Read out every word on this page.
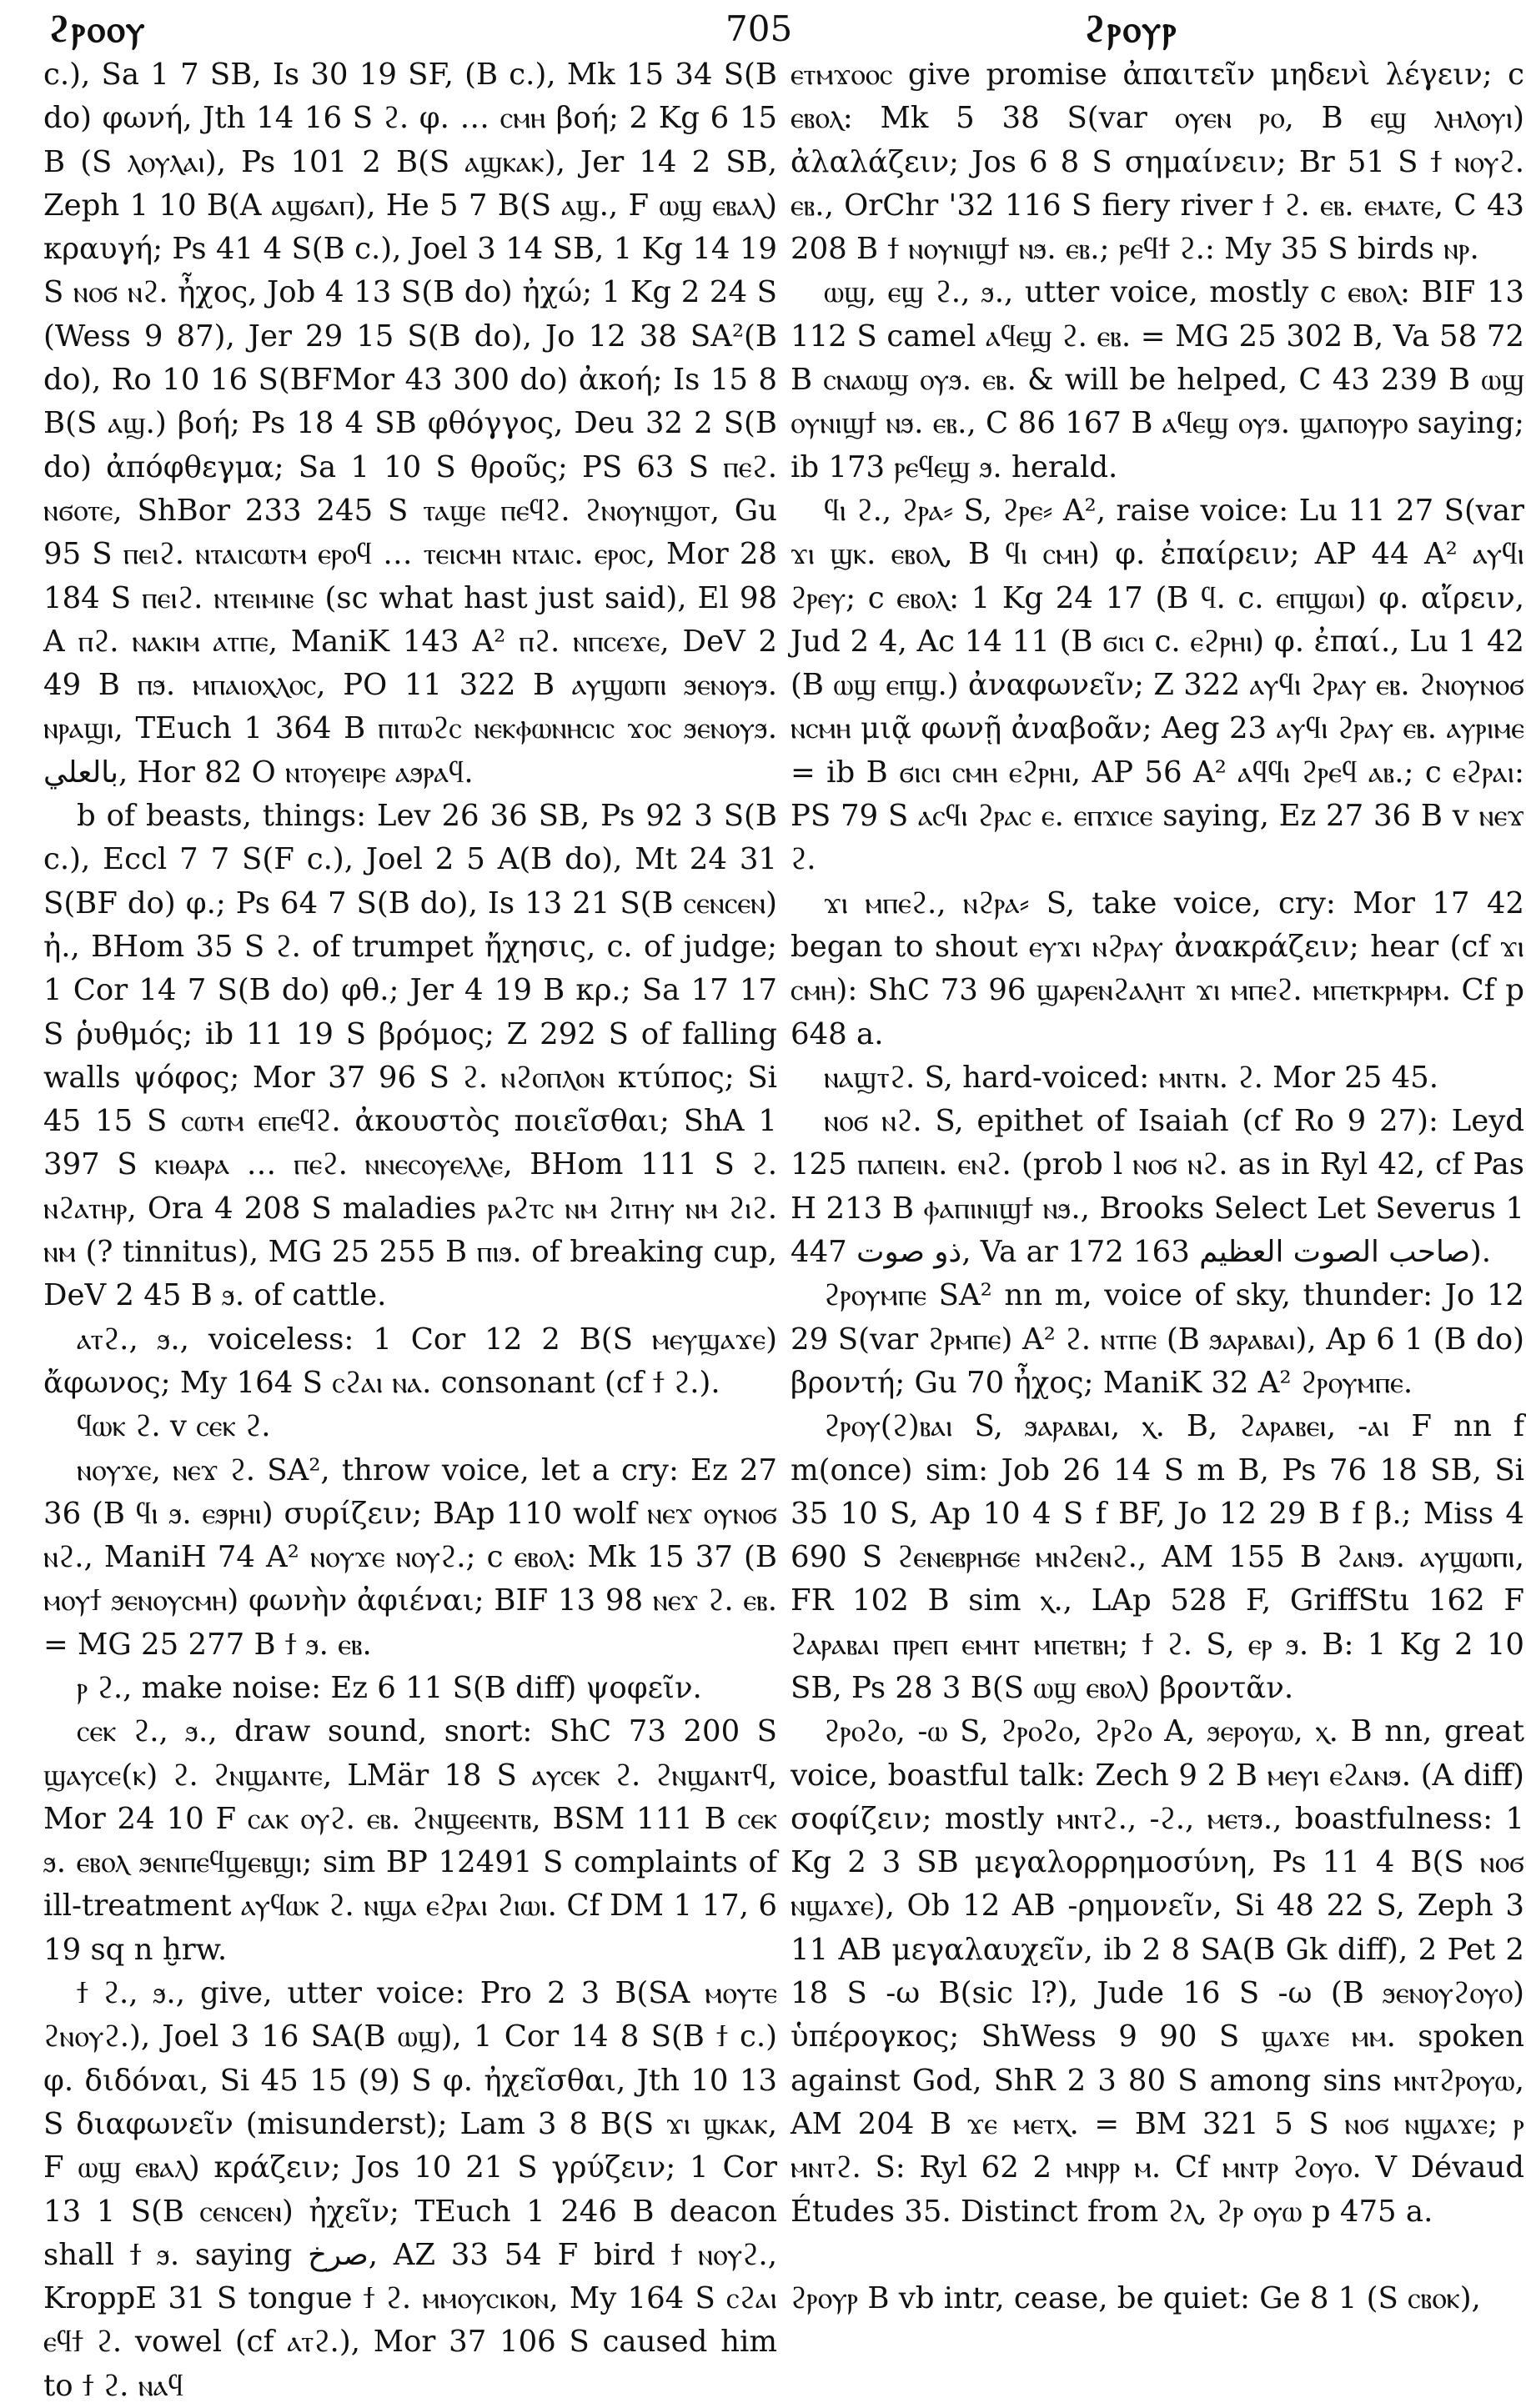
ϩⲣⲟⲟⲩ	705	ϩⲣⲟⲩⲣ

c.), Sa 1 7 SB, Is 30 19 SF, (B c.), Mk 15 34 S(B do) φωνή, Jth 14 16 S ϩ. φ. … ⲥⲙⲏ βοή; 2 Kg 6 15 B (S ⲗⲟⲩⲗⲁⲓ), Ps 101 2 B(S ⲁϣⲕⲁⲕ), Jer 14 2 SB, Zeph 1 10 B(A ⲁϣϭⲁⲡ), He 5 7 B(S ⲁϣ., F ⲱϣ ⲉⲃⲁⲗ) κραυγή; Ps 41 4 S(B c.), Joel 3 14 SB, 1 Kg 14 19 S ⲛⲟϭ ⲛϩ. ἦχος, Job 4 13 S(B do) ἠχώ; 1 Kg 2 24 S (Wess 9 87), Jer 29 15 S(B do), Jo 12 38 SA²(B do), Ro 10 16 S(BFMor 43 300 do) ἀκοή; Is 15 8 B(S ⲁϣ.) βοή; Ps 18 4 SB φθόγγος, Deu 32 2 S(B do) ἀπόφθεγμα; Sa 1 10 S θροῦς; PS 63 S ⲡⲉϩ. ⲛϭⲟⲧⲉ, ShBor 233 245 S ⲧⲁϣⲉ ⲡⲉϥϩ. ϩⲛⲟⲩⲛϣⲟⲧ, Gu 95 S ⲡⲉⲓϩ. ⲛⲧⲁⲓⲥⲱⲧⲙ ⲉⲣⲟϥ … ⲧⲉⲓⲥⲙⲏ ⲛⲧⲁⲓⲥ. ⲉⲣⲟⲥ, Mor 28 184 S ⲡⲉⲓϩ. ⲛⲧⲉⲓⲙⲓⲛⲉ (sc what hast just said), El 98 A ⲡϩ. ⲛⲁⲕⲓⲙ ⲁⲧⲡⲉ, ManiK 143 A² ⲡϩ. ⲛⲡⲥⲉϫⲉ, DeV 2 49 B ⲡϧ. ⲙⲡⲁⲓⲟⲭⲗⲟⲥ, PO 11 322 B ⲁⲩϣⲱⲡⲓ ϧⲉⲛⲟⲩϧ. ⲛⲣⲁϣⲓ, TEuch 1 364 B ⲡⲓⲧⲱϩⲥ ⲛⲉⲕⲫⲱⲛⲏⲥⲓⲥ ϫⲟⲥ ϧⲉⲛⲟⲩϧ. بالعلي, Hor 82 O ⲛⲧⲟⲩⲉⲓⲣⲉ ⲁϧⲣⲁϥ.

b of beasts, things: Lev 26 36 SB, Ps 92 3 S(B c.), Eccl 7 7 S(F c.), Joel 2 5 A(B do), Mt 24 31 S(BF do) φ.; Ps 64 7 S(B do), Is 13 21 S(B ⲥⲉⲛⲥⲉⲛ) ἠ., BHom 35 S ϩ. of trumpet ἤχησις, c. of judge; 1 Cor 14 7 S(B do) φθ.; Jer 4 19 B κρ.; Sa 17 17 S ῥυθμός; ib 11 19 S βρόμος; Z 292 S of falling walls ψόφος; Mor 37 96 S ϩ. ⲛϩⲟⲡⲗⲟⲛ κτύπος; Si 45 15 S ⲥⲱⲧⲙ ⲉⲡⲉϥϩ. ἀκουστὸς ποιεῖσθαι; ShA 1 397 S ⲕⲓⲑⲁⲣⲁ … ⲡⲉϩ. ⲛⲛⲉⲥⲟⲩⲉⲗⲗⲉ, BHom 111 S ϩ. ⲛϩⲁⲧⲏⲣ, Ora 4 208 S maladies ⲣⲁϩⲧⲥ ⲛⲙ ϩⲓⲧⲏⲩ ⲛⲙ ϩⲓϩ. ⲛⲙ (? tinnitus), MG 25 255 B ⲡⲓϧ. of breaking cup, DeV 2 45 B ϧ. of cattle.

ⲁⲧϩ., ϧ., voiceless: 1 Cor 12 2 B(S ⲙⲉⲩϣⲁϫⲉ) ἄφωνος; My 164 S ⲥϩⲁⲓ ⲛⲁ. consonant (cf ϯ ϩ.).

ϥⲱⲕ ϩ. v ⲥⲉⲕ ϩ.

ⲛⲟⲩϫⲉ, ⲛⲉϫ ϩ. SA², throw voice, let a cry: Ez 27 36 (B ϥⲓ ϧ. ⲉϧⲣⲏⲓ) συρίζειν; BAp 110 wolf ⲛⲉϫ ⲟⲩⲛⲟϭ ⲛϩ., ManiH 74 A² ⲛⲟⲩϫⲉ ⲛⲟⲩϩ.; c ⲉⲃⲟⲗ: Mk 15 37 (B ⲙⲟⲩϯ ϧⲉⲛⲟⲩⲥⲙⲏ) φωνὴν ἀφιέναι; BIF 13 98 ⲛⲉϫ ϩ. ⲉⲃ. = MG 25 277 B ϯ ϧ. ⲉⲃ.

ⲣ ϩ., make noise: Ez 6 11 S(B diff) ψοφεῖν.

ⲥⲉⲕ ϩ., ϧ., draw sound, snort: ShC 73 200 S ϣⲁⲩⲥⲉ(ⲕ) ϩ. ϩⲛϣⲁⲛⲧⲉ, LMär 18 S ⲁⲩⲥⲉⲕ ϩ. ϩⲛϣⲁⲛⲧϥ, Mor 24 10 F ⲥⲁⲕ ⲟⲩϩ. ⲉⲃ. ϩⲛϣⲉⲉⲛⲧⲃ, BSM 111 B ⲥⲉⲕ ϧ. ⲉⲃⲟⲗ ϧⲉⲛⲡⲉϥϣⲉⲃϣⲓ; sim BP 12491 S complaints of ill-treatment ⲁⲩϥⲱⲕ ϩ. ⲛϣⲁ ⲉϩⲣⲁⲓ ϩⲓⲱⲓ. Cf DM 1 17, 6 19 sq n ḫrw.

ϯ ϩ., ϧ., give, utter voice: Pro 2 3 B(SA ⲙⲟⲩⲧⲉ ϩⲛⲟⲩϩ.), Joel 3 16 SA(B ⲱϣ), 1 Cor 14 8 S(B ϯ c.) φ. διδόναι, Si 45 15 (9) S φ. ἠχεῖσθαι, Jth 10 13 S διαφωνεῖν (misunderst); Lam 3 8 B(S ϫⲓ ϣⲕⲁⲕ, F ⲱϣ ⲉⲃⲁⲗ) κράζειν; Jos 10 21 S γρύζειν; 1 Cor 13 1 S(B ⲥⲉⲛⲥⲉⲛ) ἠχεῖν; TEuch 1 246 B deacon shall ϯ ϧ. saying صرخ, AZ 33 54 F bird ϯ ⲛⲟⲩϩ., KroppE 31 S tongue ϯ ϩ. ⲙⲙⲟⲩⲥⲓⲕⲟⲛ, My 164 S ⲥϩⲁⲓ ⲉϥϯ ϩ. vowel (cf ⲁⲧϩ.), Mor 37 106 S caused him to ϯ ϩ. ⲛⲁϥ

ⲉⲧⲙϫⲟⲟⲥ give promise ἀπαιτεῖν μηδενὶ λέγειν; c ⲉⲃⲟⲗ: Mk 5 38 S(var ⲟⲩⲉⲛ ⲣⲟ, B ⲉϣ ⲗⲏⲗⲟⲩⲓ) ἀλαλάζειν; Jos 6 8 S σημαίνειν; Br 51 S ϯ ⲛⲟⲩϩ. ⲉⲃ., OrChr '32 116 S fiery river ϯ ϩ. ⲉⲃ. ⲉⲙⲁⲧⲉ, C 43 208 B ϯ ⲛⲟⲩⲛⲓϣϯ ⲛϧ. ⲉⲃ.; ⲣⲉϥϯ ϩ.: My 35 S birds ⲛⲣ.

ⲱϣ, ⲉϣ ϩ., ϧ., utter voice, mostly c ⲉⲃⲟⲗ: BIF 13 112 S camel ⲁϥⲉϣ ϩ. ⲉⲃ. = MG 25 302 B, Va 58 72 B ⲥⲛⲁⲱϣ ⲟⲩϧ. ⲉⲃ. & will be helped, C 43 239 B ⲱϣ ⲟⲩⲛⲓϣϯ ⲛϧ. ⲉⲃ., C 86 167 B ⲁϥⲉϣ ⲟⲩϧ. ϣⲁⲡⲟⲩⲣⲟ saying; ib 173 ⲣⲉϥⲉϣ ϧ. herald.

ϥⲓ ϩ., ϩⲣⲁ⸗ S, ϩⲣⲉ⸗ A², raise voice: Lu 11 27 S(var ϫⲓ ϣⲕ. ⲉⲃⲟⲗ, B ϥⲓ ⲥⲙⲏ) φ. ἐπαίρειν; AP 44 A² ⲁⲩϥⲓ ϩⲣⲉⲩ; c ⲉⲃⲟⲗ: 1 Kg 24 17 (B ϥ. c. ⲉⲡϣⲱⲓ) φ. αἴρειν, Jud 2 4, Ac 14 11 (B ϭⲓⲥⲓ c. ⲉϩⲣⲏⲓ) φ. ἐπαί., Lu 1 42 (B ⲱϣ ⲉⲡϣ.) ἀναφωνεῖν; Z 322 ⲁⲩϥⲓ ϩⲣⲁⲩ ⲉⲃ. ϩⲛⲟⲩⲛⲟϭ ⲛⲥⲙⲏ μιᾷ φωνῇ ἀναβοᾶν; Aeg 23 ⲁⲩϥⲓ ϩⲣⲁⲩ ⲉⲃ. ⲁⲩⲣⲓⲙⲉ = ib B ϭⲓⲥⲓ ⲥⲙⲏ ⲉϩⲣⲏⲓ, AP 56 A² ⲁϥϥⲓ ϩⲣⲉϥ ⲁⲃ.; c ⲉϩⲣⲁⲓ: PS 79 S ⲁⲥϥⲓ ϩⲣⲁⲥ ⲉ. ⲉⲡϫⲓⲥⲉ saying, Ez 27 36 B v ⲛⲉϫ ϩ.

ϫⲓ ⲙⲡⲉϩ., ⲛϩⲣⲁ⸗ S, take voice, cry: Mor 17 42 began to shout ⲉⲩϫⲓ ⲛϩⲣⲁⲩ ἀνακράζειν; hear (cf ϫⲓ ⲥⲙⲏ): ShC 73 96 ϣⲁⲣⲉⲛϩⲁⲗⲏⲧ ϫⲓ ⲙⲡⲉϩ. ⲙⲡⲉⲧⲕⲣⲙⲣⲙ. Cf p 648 a.

ⲛⲁϣⲧϩ. S, hard-voiced: ⲙⲛⲧⲛ. ϩ. Mor 25 45.

ⲛⲟϭ ⲛϩ. S, epithet of Isaiah (cf Ro 9 27): Leyd 125 ⲡⲁⲡⲉⲓⲛ. ⲉⲛϩ. (prob l ⲛⲟϭ ⲛϩ. as in Ryl 42, cf Pas H 213 B ⲫⲁⲡⲓⲛⲓϣϯ ⲛϧ., Brooks Select Let Severus 1 447 ذو صوت, Va ar 172 163 صاحب الصوت العظيم).

ϩⲣⲟⲩⲙⲡⲉ SA² nn m, voice of sky, thunder: Jo 12 29 S(var ϩⲣⲙⲡⲉ) A² ϩ. ⲛⲧⲡⲉ (B ϧⲁⲣⲁⲃⲁⲓ), Ap 6 1 (B do) βροντή; Gu 70 ἦχος; ManiK 32 A² ϩⲣⲟⲩⲙⲡⲉ.

ϩⲣⲟⲩ(ϩ)ⲃⲁⲓ S, ϧⲁⲣⲁⲃⲁⲓ, ⲭ. B, ϩⲁⲣⲁⲃⲉⲓ, -ⲁⲓ F nn f m(once) sim: Job 26 14 S m B, Ps 76 18 SB, Si 35 10 S, Ap 10 4 S f BF, Jo 12 29 B f β.; Miss 4 690 S ϩⲉⲛⲉⲃⲣⲏϭⲉ ⲙⲛϩⲉⲛϩ., AM 155 B ϩⲁⲛϧ. ⲁⲩϣⲱⲡⲓ, FR 102 B sim ⲭ., LAp 528 F, GriffStu 162 F ϩⲁⲣⲁⲃⲁⲓ ⲡⲣⲉⲡ ⲉⲙⲏⲧ ⲙⲡⲉⲧⲃⲏ; ϯ ϩ. S, ⲉⲣ ϧ. B: 1 Kg 2 10 SB, Ps 28 3 B(S ⲱϣ ⲉⲃⲟⲗ) βροντᾶν.

ϩⲣⲟϩⲟ, -ⲱ S, ϩⲣⲟϩⲟ, ϩⲣϩⲟ A, ϧⲉⲣⲟⲩⲱ, ⲭ. B nn, great voice, boastful talk: Zech 9 2 B ⲙⲉⲩⲓ ⲉϩⲁⲛϧ. (A diff) σοφίζειν; mostly ⲙⲛⲧϩ., -ϩ., ⲙⲉⲧϧ., boastfulness: 1 Kg 2 3 SB μεγαλορρημοσύνη, Ps 11 4 B(S ⲛⲟϭ ⲛϣⲁϫⲉ), Ob 12 AB -ρημονεῖν, Si 48 22 S, Zeph 3 11 AB μεγαλαυχεῖν, ib 2 8 SA(B Gk diff), 2 Pet 2 18 S -ω B(sic l?), Jude 16 S -ω (B ϧⲉⲛⲟⲩϩⲟⲩⲟ) ὑπέρογκος; ShWess 9 90 S ϣⲁϫⲉ ⲙⲙ. spoken against God, ShR 2 3 80 S among sins ⲙⲛⲧϩⲣⲟⲩⲱ, AM 204 B ϫⲉ ⲙⲉⲧⲭ. = BM 321 5 S ⲛⲟϭ ⲛϣⲁϫⲉ; ⲣ ⲙⲛⲧϩ. S: Ryl 62 2 ⲙⲛⲣⲣ ⲙ. Cf ⲙⲛⲧⲣ ϩⲟⲩⲟ. V Dévaud Études 35. Distinct from ϩⲗ, ϩⲣ ⲟⲩⲱ p 475 a.

ϩⲣⲟⲩⲣ B vb intr, cease, be quiet: Ge 8 1 (S ⲥⲃⲟⲕ),
